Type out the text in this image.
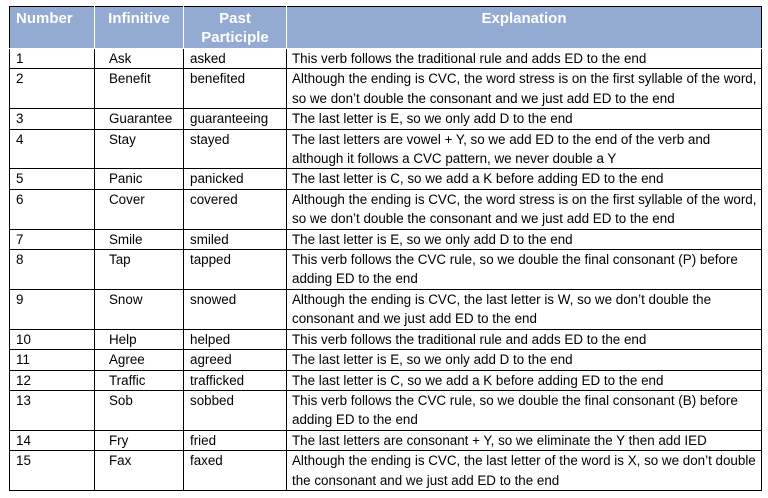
Number	Infinitive	Past Participle	Explanation
1	Ask	asked	This verb follows the traditional rule and adds ED to the end
2	Benefit	benefited	Although the ending is CVC, the word stress is on the first syllable of the word, so we don’t double the consonant and we just add ED to the end
3	Guarantee	guaranteeing	The last letter is E, so we only add D to the end
4	Stay	stayed	The last letters are vowel + Y, so we add ED to the end of the verb and although it follows a CVC pattern, we never double a Y
5	Panic	panicked	The last letter is C, so we add a K before adding ED to the end
6	Cover	covered	Although the ending is CVC, the word stress is on the first syllable of the word, so we don’t double the consonant and we just add ED to the end
7	Smile	smiled	The last letter is E, so we only add D to the end
8	Tap	tapped	This verb follows the CVC rule, so we double the final consonant (P) before adding ED to the end
9	Snow	snowed	Although the ending is CVC, the last letter is W, so we don’t double the consonant and we just add ED to the end
10	Help	helped	This verb follows the traditional rule and adds ED to the end
11	Agree	agreed	The last letter is E, so we only add D to the end
12	Traffic	trafficked	The last letter is C, so we add a K before adding ED to the end
13	Sob	sobbed	This verb follows the CVC rule, so we double the final consonant (B) before adding ED to the end
14	Fry	fried	The last letters are consonant + Y, so we eliminate the Y then add IED
15	Fax	faxed	Although the ending is CVC, the last letter of the word is X, so we don’t double the consonant and we just add ED to the end
